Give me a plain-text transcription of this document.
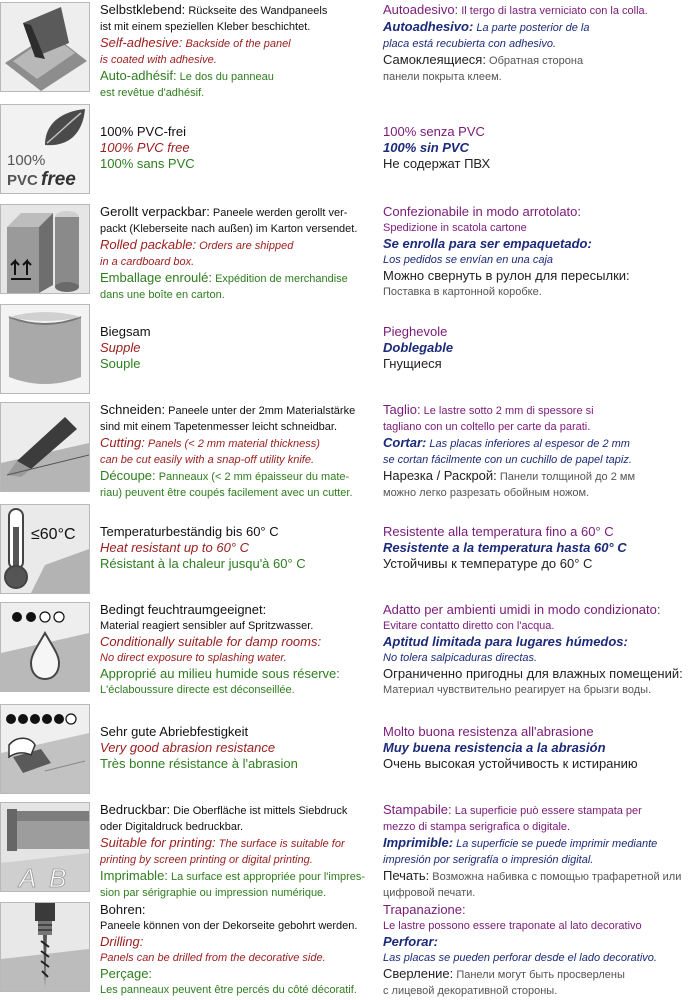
Selbstklebend: Rückseite des Wandpaneels
ist mit einem speziellen Kleber beschichtet.
Self-adhesive: Backside of the panel
is coated with adhesive.
Auto-adhésif: Le dos du panneau
est revêtue d'adhésif.
Autoadesivo: Il tergo di lastra verniciato con la colla.
Autoadhesivo: La parte posterior de la
placa está recubierta con adhesivo.
Самоклеящиеся: Обратная сторона
панели покрыта клеем.
100%
PVC free
100% PVC-frei
100% PVC free
100% sans PVC
100% senza PVC
100% sin PVC
Не содержат ПВХ
Gerollt verpackbar: Paneele werden gerollt ver-
packt (Kleberseite nach außen) im Karton versendet.
Rolled packable: Orders are shipped
in a cardboard box.
Emballage enroulé: Expédition de merchandise
dans une boîte en carton.
Confezionabile in modo arrotolato:
Spedizione in scatola cartone
Se enrolla para ser empaquetado:
Los pedidos se envían en una caja
Можно свернуть в рулон для пересылки:
Поставка в картонной коробке.
Biegsam
Supple
Souple
Pieghevole
Doblegable
Гнущиеся
Schneiden: Paneele unter der 2mm Materialstärke
sind mit einem Tapetenmesser leicht schneidbar.
Cutting: Panels (< 2 mm material thickness)
can be cut easily with a snap-off utility knife.
Découpe: Panneaux (< 2 mm épaisseur du mate-
riau) peuvent être coupés facilement avec un cutter.
Taglio: Le lastre sotto 2 mm di spessore si
tagliano con un coltello per carte da parati.
Cortar: Las placas inferiores al espesor de 2 mm
se cortan fácilmente con un cuchillo de papel tapiz.
Нарезка / Раскрой: Панели толщиной до 2 мм
можно легко разрезать обойным ножом.
≤60°C Temperaturbeständig bis 60° C
Heat resistant up to 60° C
Résistant à la chaleur jusqu'à 60° C
Resistente alla temperatura fino a 60° C
Resistente a la temperatura hasta 60° C
Устойчивы к температуре до 60° C
Bedingt feuchtraumgeeignet:
Material reagiert sensibler auf Spritzwasser.
Conditionally suitable for damp rooms:
No direct exposure to splashing water.
Approprié au milieu humide sous réserve:
L'éclaboussure directe est déconseillée.
Adatto per ambienti umidi in modo condizionato:
Evitare contatto diretto con l'acqua.
Aptitud limitada para lugares húmedos:
No tolera salpicaduras directas.
Ограниченно пригодны для влажных помещений:
Материал чувствительно реагирует на брызги воды.
Sehr gute Abriebfestigkeit
Very good abrasion resistance
Très bonne résistance à l'abrasion
Molto buona resistenza all'abrasione
Muy buena resistencia a la abrasión
Очень высокая устойчивость к истиранию
A B
Bedruckbar: Die Oberfläche ist mittels Siebdruck
oder Digitaldruck bedruckbar.
Suitable for printing: The surface is suitable for
printing by screen printing or digital printing.
Imprimable: La surface est appropriée pour l'impres-
sion par sérigraphie ou impression numérique.
Stampabile: La superficie può essere stampata per
mezzo di stampa serigrafica o digitale.
Imprimible: La superficie se puede imprimir mediante
impresión por serigrafía o impresión digital.
Печать: Возможна набивка с помощью трафаретной или
цифровой печати.
Bohren:
Paneele können von der Dekorseite gebohrt werden.
Drilling:
Panels can be drilled from the decorative side.
Perçage:
Les panneaux peuvent être percés du côté décoratif.
Trapanazione:
Le lastre possono essere traponate al lato decorativo
Perforar:
Las placas se pueden perforar desde el lado decorativo.
Сверление: Панели могут быть просверлены
с лицевой декоративной стороны.
